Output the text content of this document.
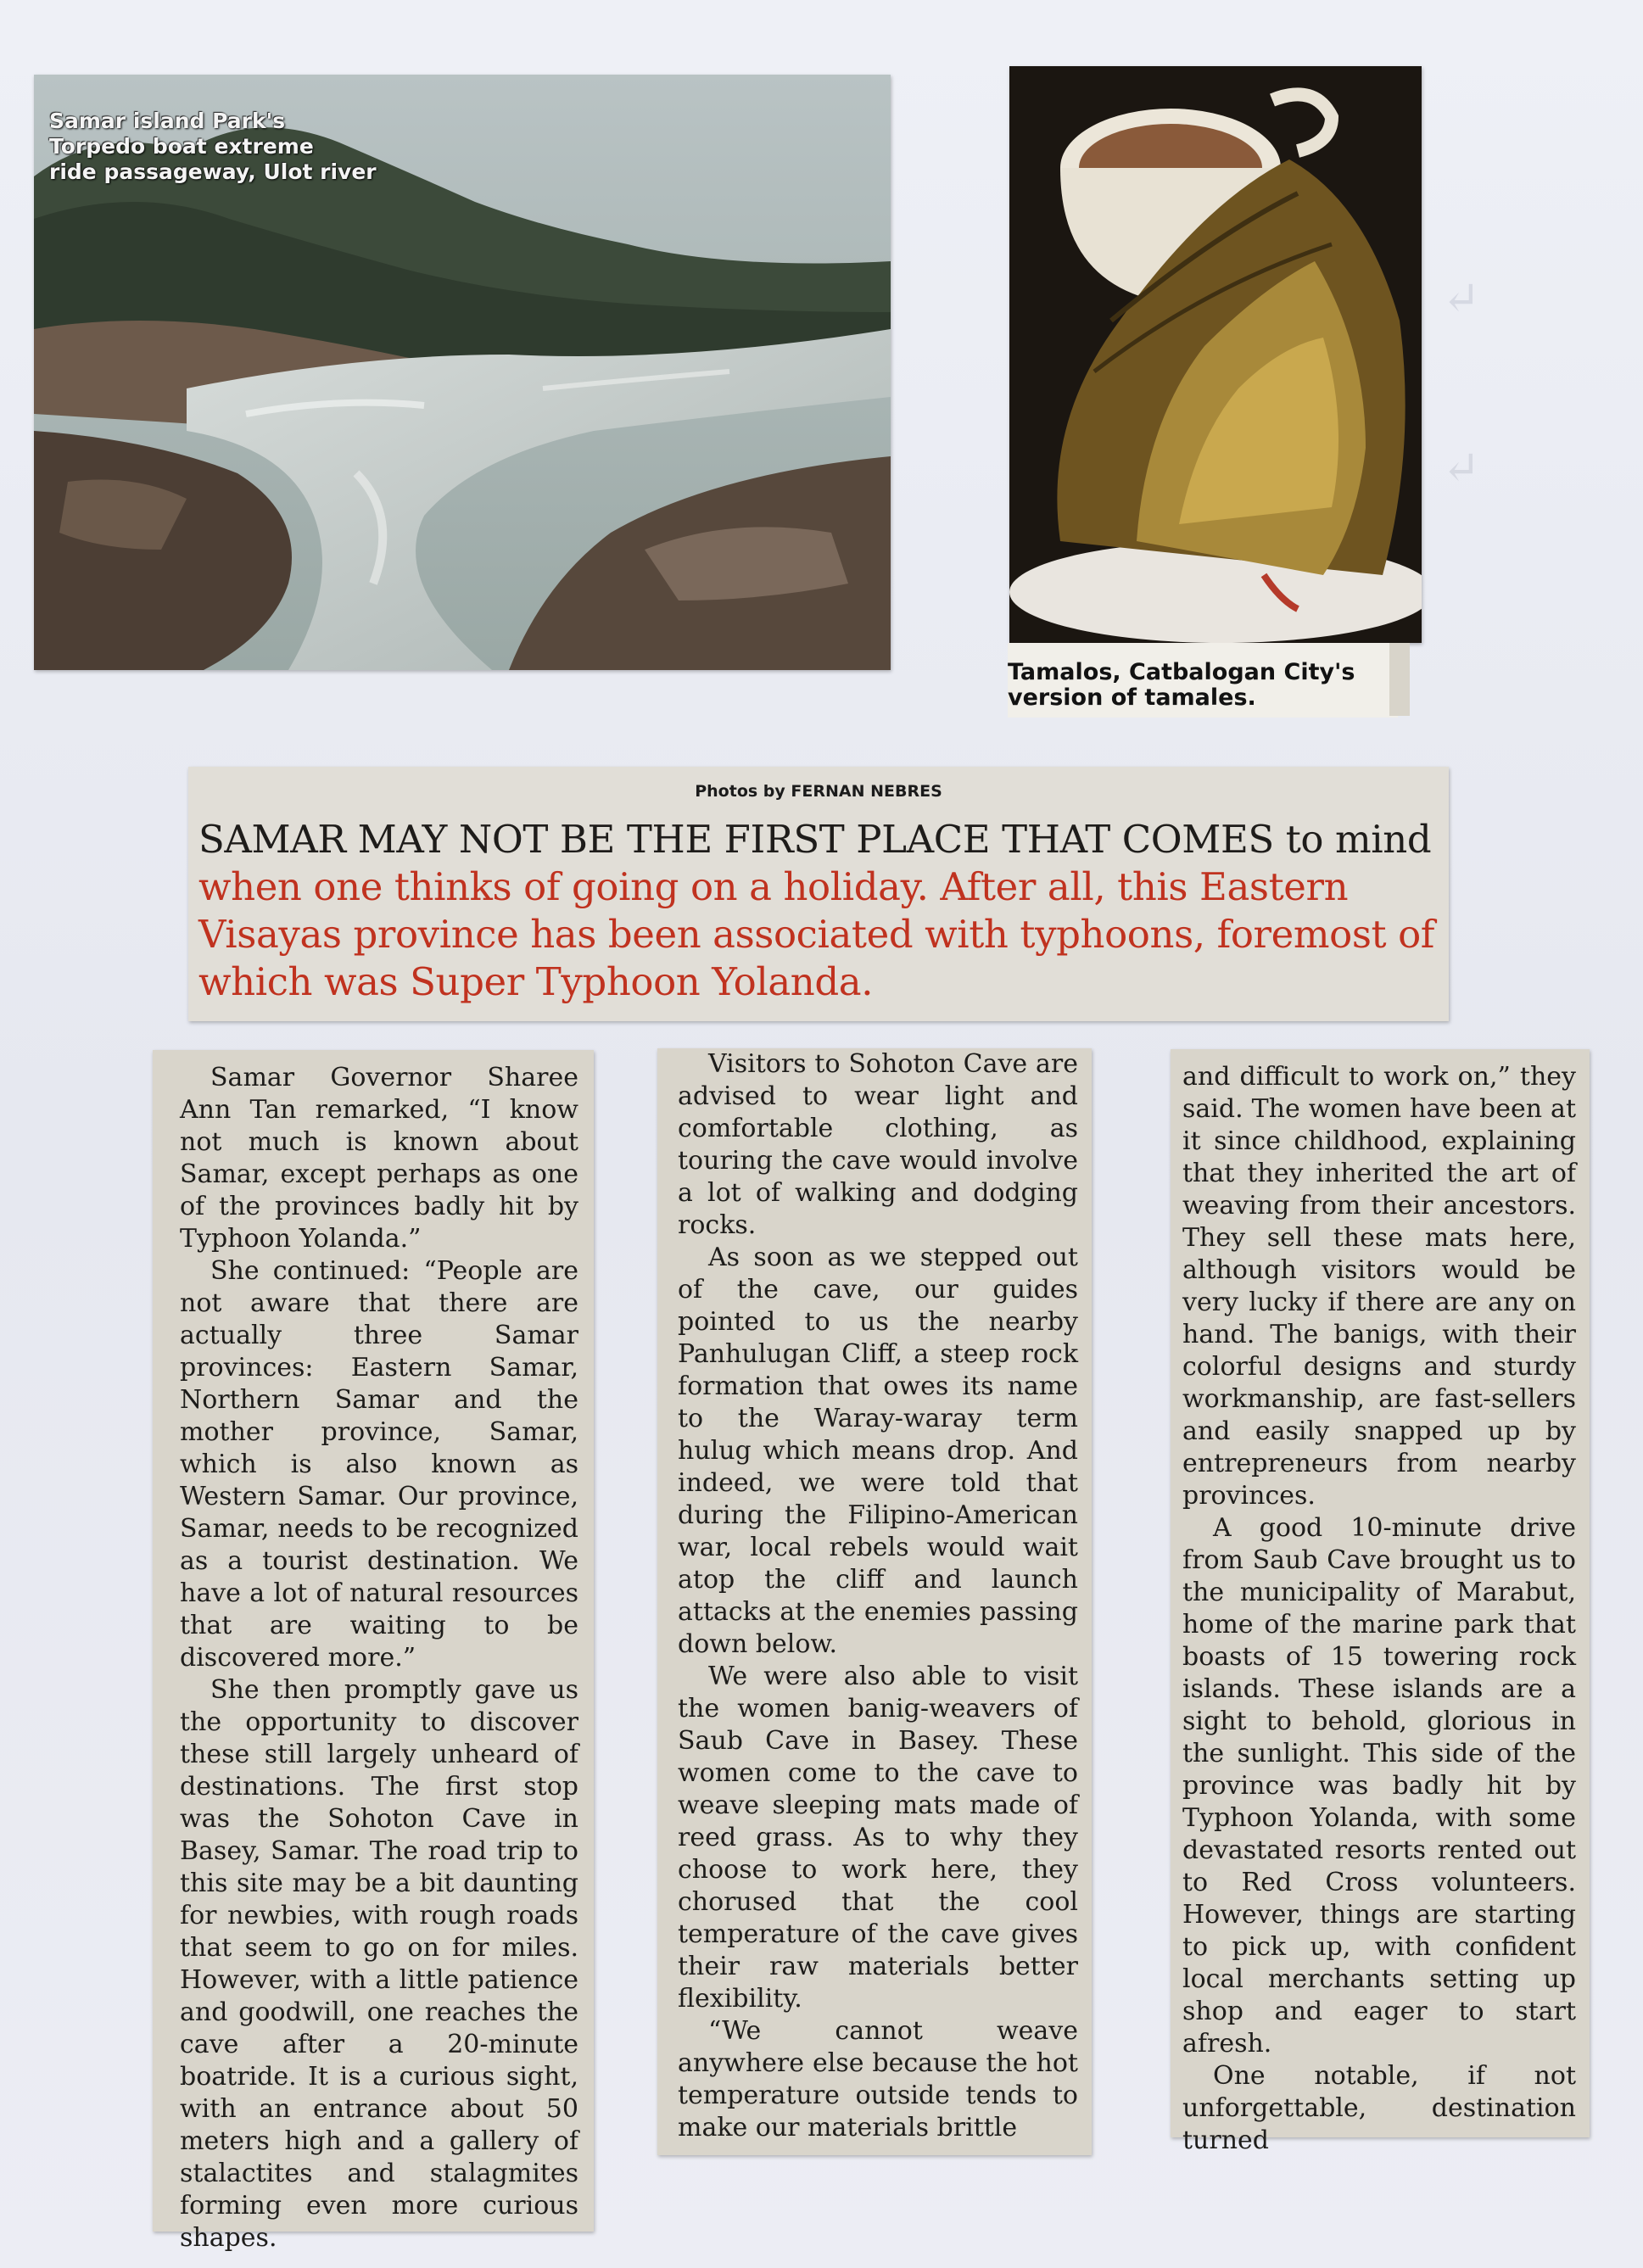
↵
↵
Samar island Park's
Torpedo boat extreme
ride passageway, Ulot river
Tamalos, Catbalogan City's
version of tamales.
Photos by FERNAN NEBRES
SAMAR MAY NOT BE THE FIRST PLACE THAT COMES to mind when one thinks of going on a holiday. After all, this Eastern Visayas province has been associated with typhoons, foremost of which was Super Typhoon Yolanda.

Samar Governor Sharee Ann Tan remarked, “I know not much is known about Samar, except perhaps as one of the provinces badly hit by Typhoon Yolanda.”

She continued: “People are not aware that there are actually three Samar provinces: Eastern Samar, Northern Samar and the mother province, Samar, which is also known as Western Samar. Our province, Samar, needs to be recognized as a tourist destination. We have a lot of natural resources that are waiting to be discovered more.”

She then promptly gave us the opportunity to discover these still largely unheard of destinations. The first stop was the Sohoton Cave in Basey, Samar. The road trip to this site may be a bit daunting for newbies, with rough roads that seem to go on for miles. However, with a little patience and goodwill, one reaches the cave after a 20-minute boatride. It is a curious sight, with an entrance about 50 meters high and a gallery of stalactites and stalagmites forming even more curious shapes.

Visitors to Sohoton Cave are advised to wear light and comfortable clothing, as touring the cave would involve a lot of walking and dodging rocks.

As soon as we stepped out of the cave, our guides pointed to us the nearby Panhulugan Cliff, a steep rock formation that owes its name to the Waray-waray term hulug which means drop. And indeed, we were told that during the Filipino-American war, local rebels would wait atop the cliff and launch attacks at the enemies passing down below.

We were also able to visit the women banig-weavers of Saub Cave in Basey. These women come to the cave to weave sleeping mats made of reed grass. As to why they choose to work here, they chorused that the cool temperature of the cave gives their raw materials better flexibility.

“We cannot weave anywhere else because the hot temperature outside tends to make our materials brittle

and difficult to work on,” they said. The women have been at it since childhood, explaining that they inherited the art of weaving from their ancestors. They sell these mats here, although visitors would be very lucky if there are any on hand. The banigs, with their colorful designs and sturdy workmanship, are fast-sellers and easily snapped up by entrepreneurs from nearby provinces.

A good 10-minute drive from Saub Cave brought us to the municipality of Marabut, home of the marine park that boasts of 15 towering rock islands. These islands are a sight to behold, glorious in the sunlight. This side of the province was badly hit by Typhoon Yolanda, with some devastated resorts rented out to Red Cross volunteers. However, things are starting to pick up, with confident local merchants setting up shop and eager to start afresh.

One notable, if not unforgettable, destination turned
